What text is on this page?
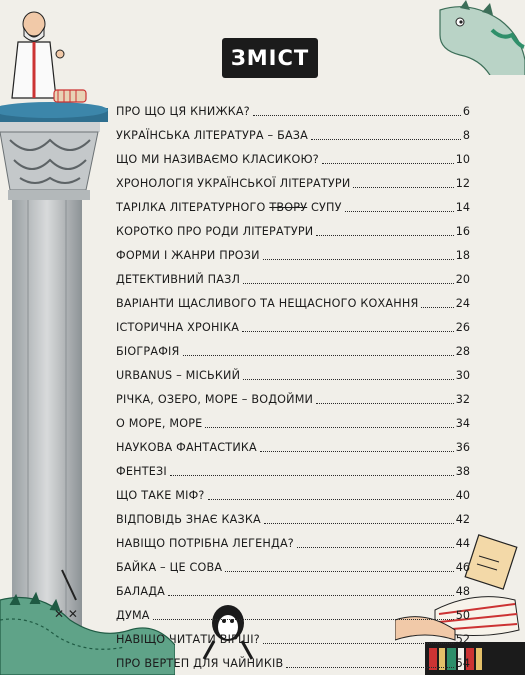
✕ ✕
ЗМІСТ
ПРО ЩО ЦЯ КНИЖКА?	6
УКРАЇНСЬКА ЛІТЕРАТУРА – БАЗА	8
ЩО МИ НАЗИВАЄМО КЛАСИКОЮ?	10
ХРОНОЛОГІЯ УКРАЇНСЬКОЇ ЛІТЕРАТУРИ	12
ТАРІЛКА ЛІТЕРАТУРНОГО ТВОРУ СУПУ	14
КОРОТКО ПРО РОДИ ЛІТЕРАТУРИ	16
ФОРМИ І ЖАНРИ ПРОЗИ	18
ДЕТЕКТИВНИЙ ПАЗЛ	20
ВАРІАНТИ ЩАСЛИВОГО ТА НЕЩАСНОГО КОХАННЯ	24
ІСТОРИЧНА ХРОНІКА	26
БІОГРАФІЯ	28
URBANUS – МІСЬКИЙ	30
РІЧКА, ОЗЕРО, МОРЕ – ВОДОЙМИ	32
О МОРЕ, МОРЕ	34
НАУКОВА ФАНТАСТИКА	36
ФЕНТЕЗІ	38
ЩО ТАКЕ МІФ?	40
ВІДПОВІДЬ ЗНАЄ КАЗКА	42
НАВІЩО ПОТРІБНА ЛЕГЕНДА?	44
БАЙКА – ЦЕ СОВА	46
БАЛАДА	48
ДУМА	50
НАВІЩО ЧИТАТИ ВІРШІ?	52
ПРО ВЕРТЕП ДЛЯ ЧАЙНИКІВ	54
